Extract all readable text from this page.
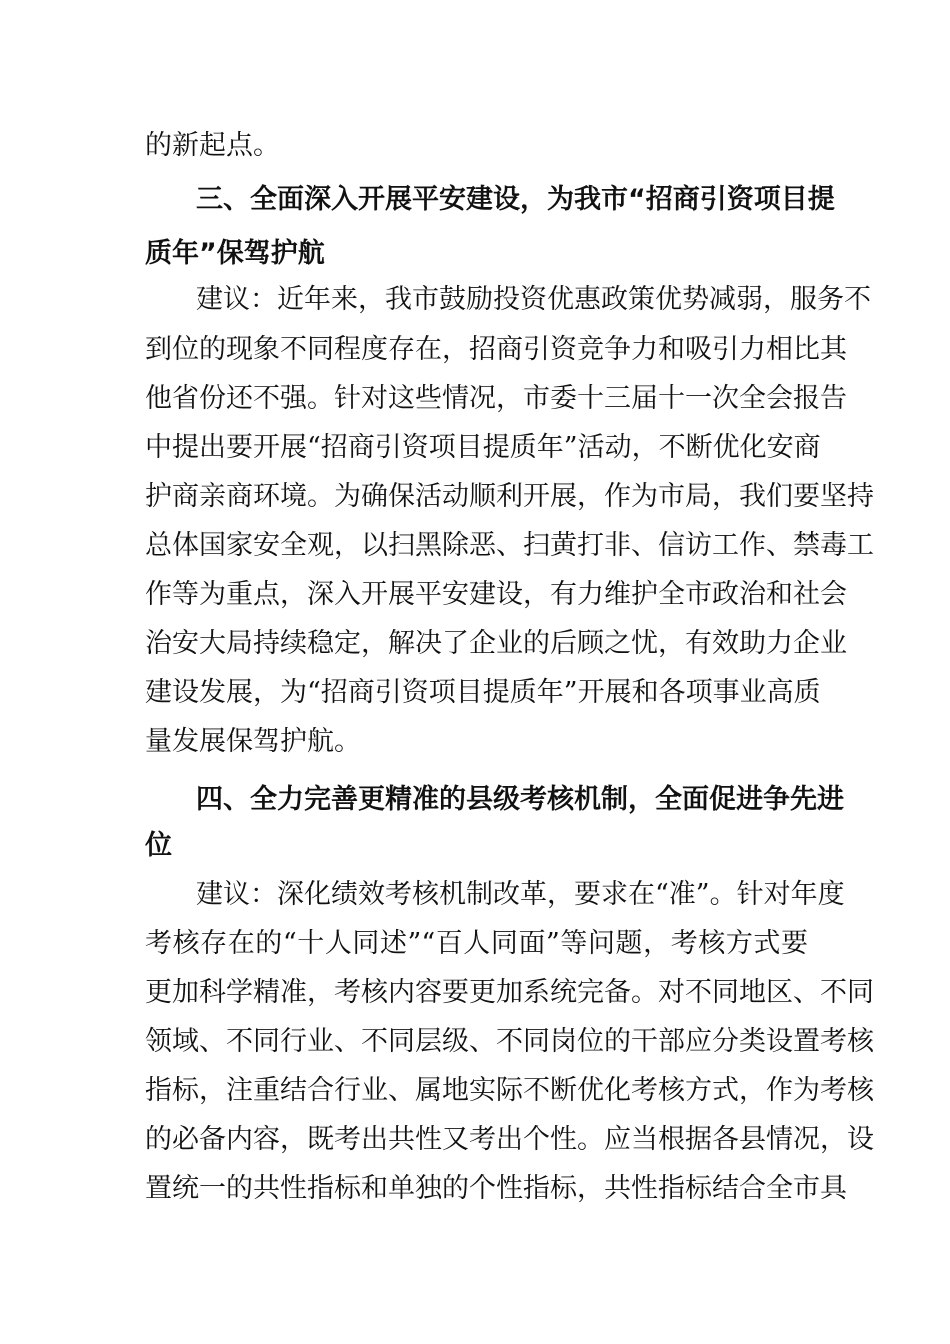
的新起点。
三、全面深入开展平安建设，为我市“招商引资项目提
质年”保驾护航
建议：近年来，我市鼓励投资优惠政策优势减弱，服务不
到位的现象不同程度存在，招商引资竞争力和吸引力相比其
他省份还不强。针对这些情况，市委十三届十一次全会报告
中提出要开展“招商引资项目提质年”活动，不断优化安商
护商亲商环境。为确保活动顺利开展，作为市局，我们要坚持
总体国家安全观，以扫黑除恶、扫黄打非、信访工作、禁毒工
作等为重点，深入开展平安建设，有力维护全市政治和社会
治安大局持续稳定，解决了企业的后顾之忧，有效助力企业
建设发展，为“招商引资项目提质年”开展和各项事业高质
量发展保驾护航。
四、全力完善更精准的县级考核机制，全面促进争先进
位
建议：深化绩效考核机制改革，要求在“准”。针对年度
考核存在的“十人同述”“百人同面”等问题，考核方式要
更加科学精准，考核内容要更加系统完备。对不同地区、不同
领域、不同行业、不同层级、不同岗位的干部应分类设置考核
指标，注重结合行业、属地实际不断优化考核方式，作为考核
的必备内容，既考出共性又考出个性。应当根据各县情况，设
置统一的共性指标和单独的个性指标，共性指标结合全市具
